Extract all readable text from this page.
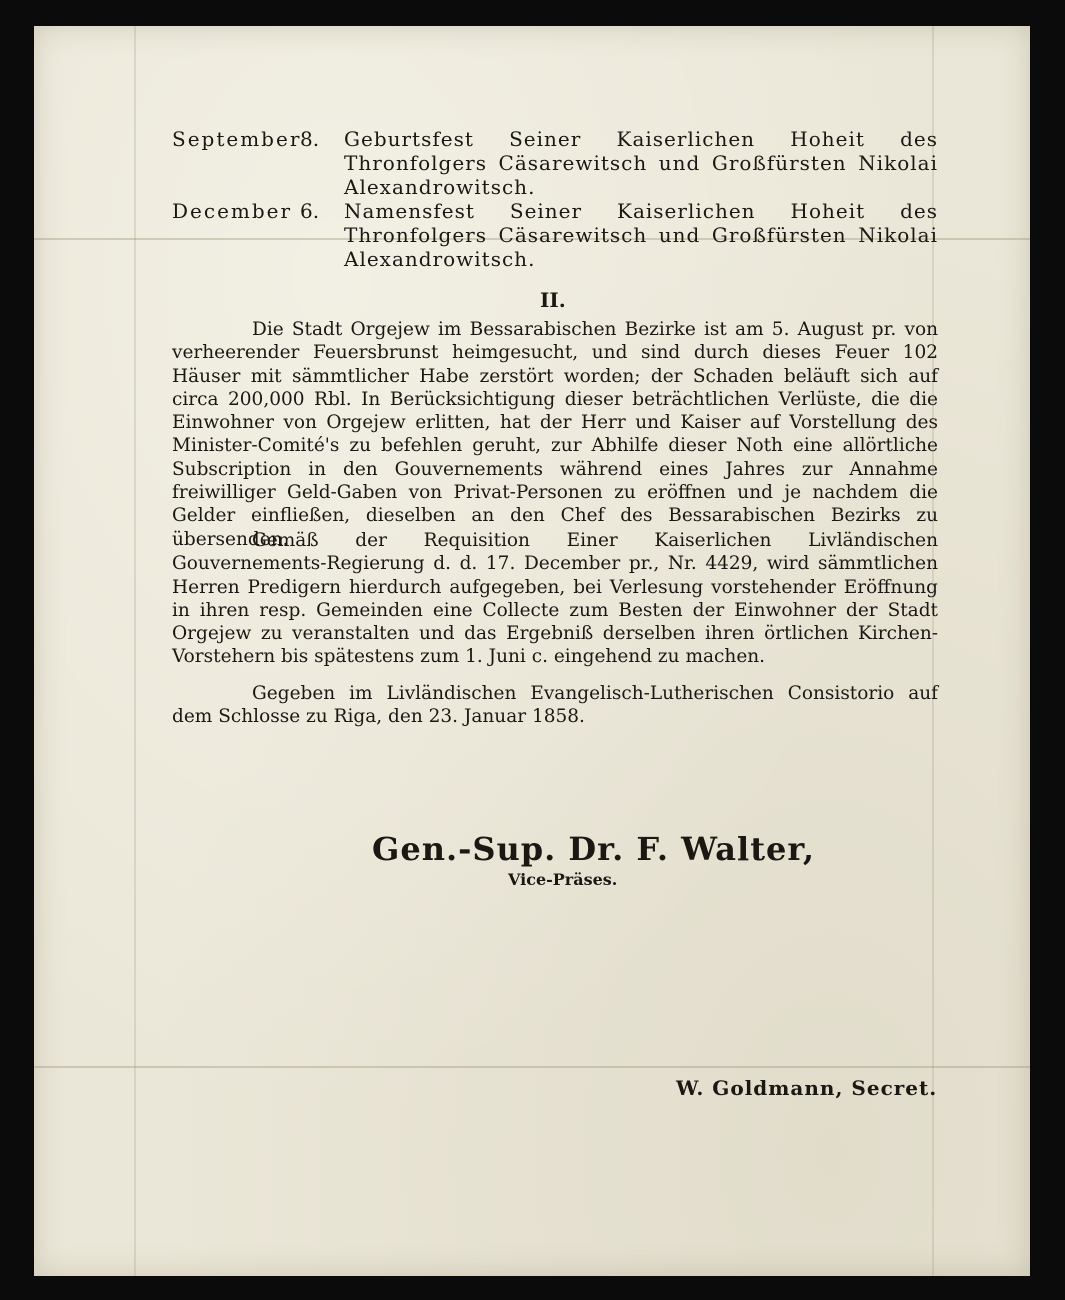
September
8. Geburtsfest Seiner Kaiserlichen Hoheit des Thronfolgers Cäsarewitsch und Großfürsten Nikolai Alexandrowitsch.
December 6. Namensfest Seiner Kaiserlichen Hoheit des Thronfolgers Cäsarewitsch und Großfürsten Nikolai Alexandrowitsch.
II.
Die Stadt Orgejew im Bessarabischen Bezirke ist am 5. August pr. von verheerender Feuersbrunst heimgesucht, und sind durch dieses Feuer 102 Häuser mit sämmtlicher Habe zerstört worden; der Schaden beläuft sich auf circa 200,000 Rbl. In Berücksichtigung dieser beträchtlichen Verlüste, die die Einwohner von Orgejew erlitten, hat der Herr und Kaiser auf Vorstellung des Minister-Comité's zu befehlen geruht, zur Abhilfe dieser Noth eine allörtliche Subscription in den Gouvernements während eines Jahres zur Annahme freiwilliger Geld-Gaben von Privat-Personen zu eröffnen und je nachdem die Gelder einfließen, dieselben an den Chef des Bessarabischen Bezirks zu übersenden.
Gemäß der Requisition Einer Kaiserlichen Livländischen Gouvernements-Regierung d. d. 17. December pr., Nr. 4429, wird sämmtlichen Herren Predigern hierdurch aufgegeben, bei Verlesung vorstehender Eröffnung in ihren resp. Gemeinden eine Collecte zum Besten der Einwohner der Stadt Orgejew zu veranstalten und das Ergebniß derselben ihren örtlichen Kirchen-Vorstehern bis spätestens zum 1. Juni c. eingehend zu machen.
Gegeben im Livländischen Evangelisch-Lutherischen Consistorio auf dem Schlosse zu Riga, den 23. Januar 1858.
Gen.-Sup. Dr. F. Walter,
Vice-Präses.
W. Goldmann, Secret.
